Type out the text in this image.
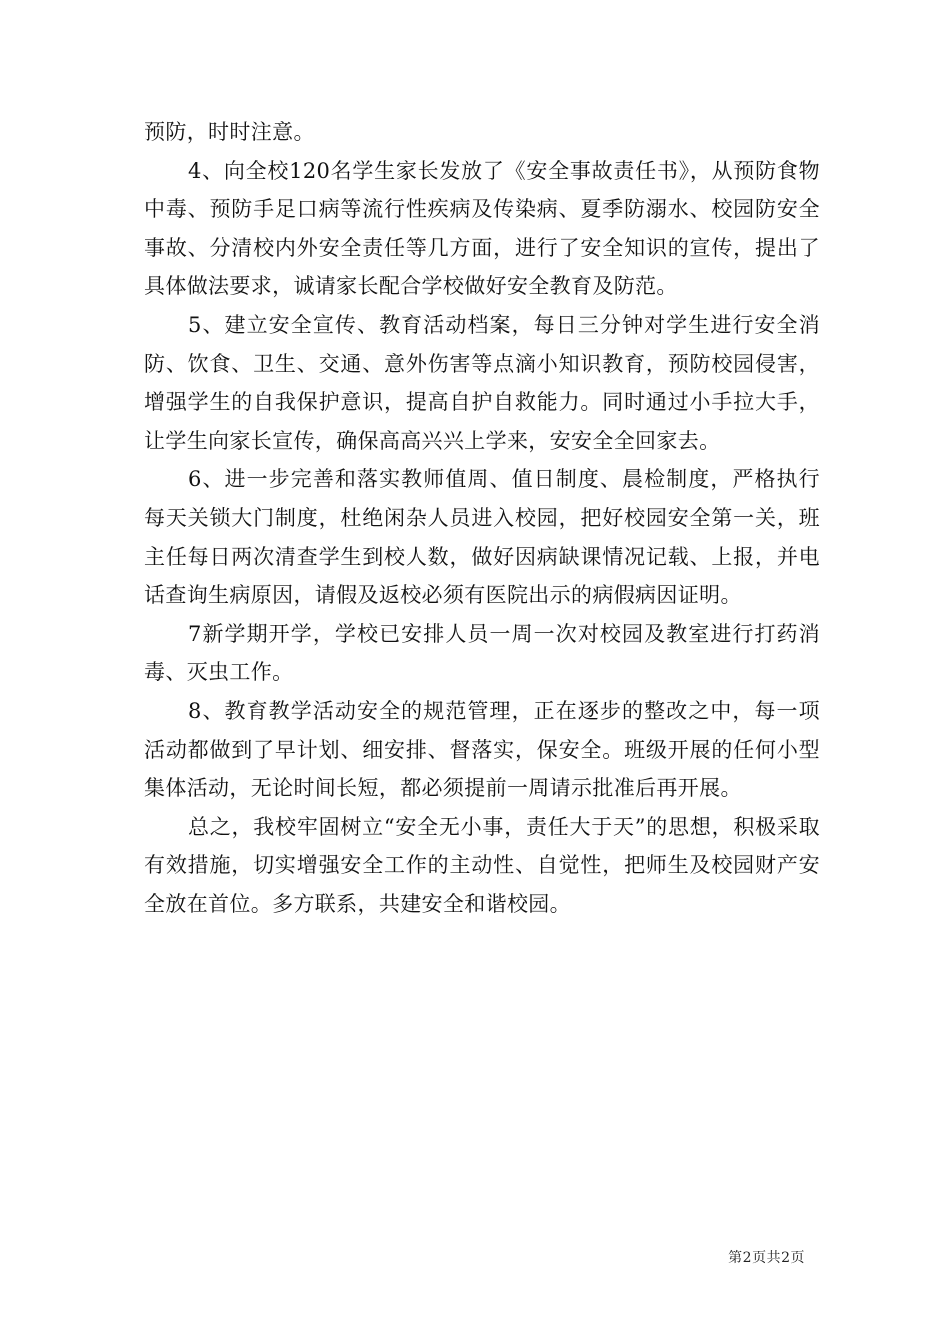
预防，时时注意。

4、向全校120名学生家长发放了《安全事故责任书》，从预防食物中毒、预防手足口病等流行性疾病及传染病、夏季防溺水、校园防安全事故、分清校内外安全责任等几方面，进行了安全知识的宣传，提出了具体做法要求，诚请家长配合学校做好安全教育及防范。

5、建立安全宣传、教育活动档案，每日三分钟对学生进行安全消防、饮食、卫生、交通、意外伤害等点滴小知识教育，预防校园侵害，增强学生的自我保护意识，提高自护自救能力。同时通过小手拉大手，让学生向家长宣传，确保高高兴兴上学来，安安全全回家去。

6、进一步完善和落实教师值周、值日制度、晨检制度，严格执行每天关锁大门制度，杜绝闲杂人员进入校园，把好校园安全第一关，班主任每日两次清查学生到校人数，做好因病缺课情况记载、上报，并电话查询生病原因，请假及返校必须有医院出示的病假病因证明。

7新学期开学，学校已安排人员一周一次对校园及教室进行打药消毒、灭虫工作。

8、教育教学活动安全的规范管理，正在逐步的整改之中，每一项活动都做到了早计划、细安排、督落实，保安全。班级开展的任何小型集体活动，无论时间长短，都必须提前一周请示批准后再开展。

总之，我校牢固树立“安全无小事，责任大于天”的思想，积极采取有效措施，切实增强安全工作的主动性、自觉性，把师生及校园财产安全放在首位。多方联系，共建安全和谐校园。

第2页共2页
